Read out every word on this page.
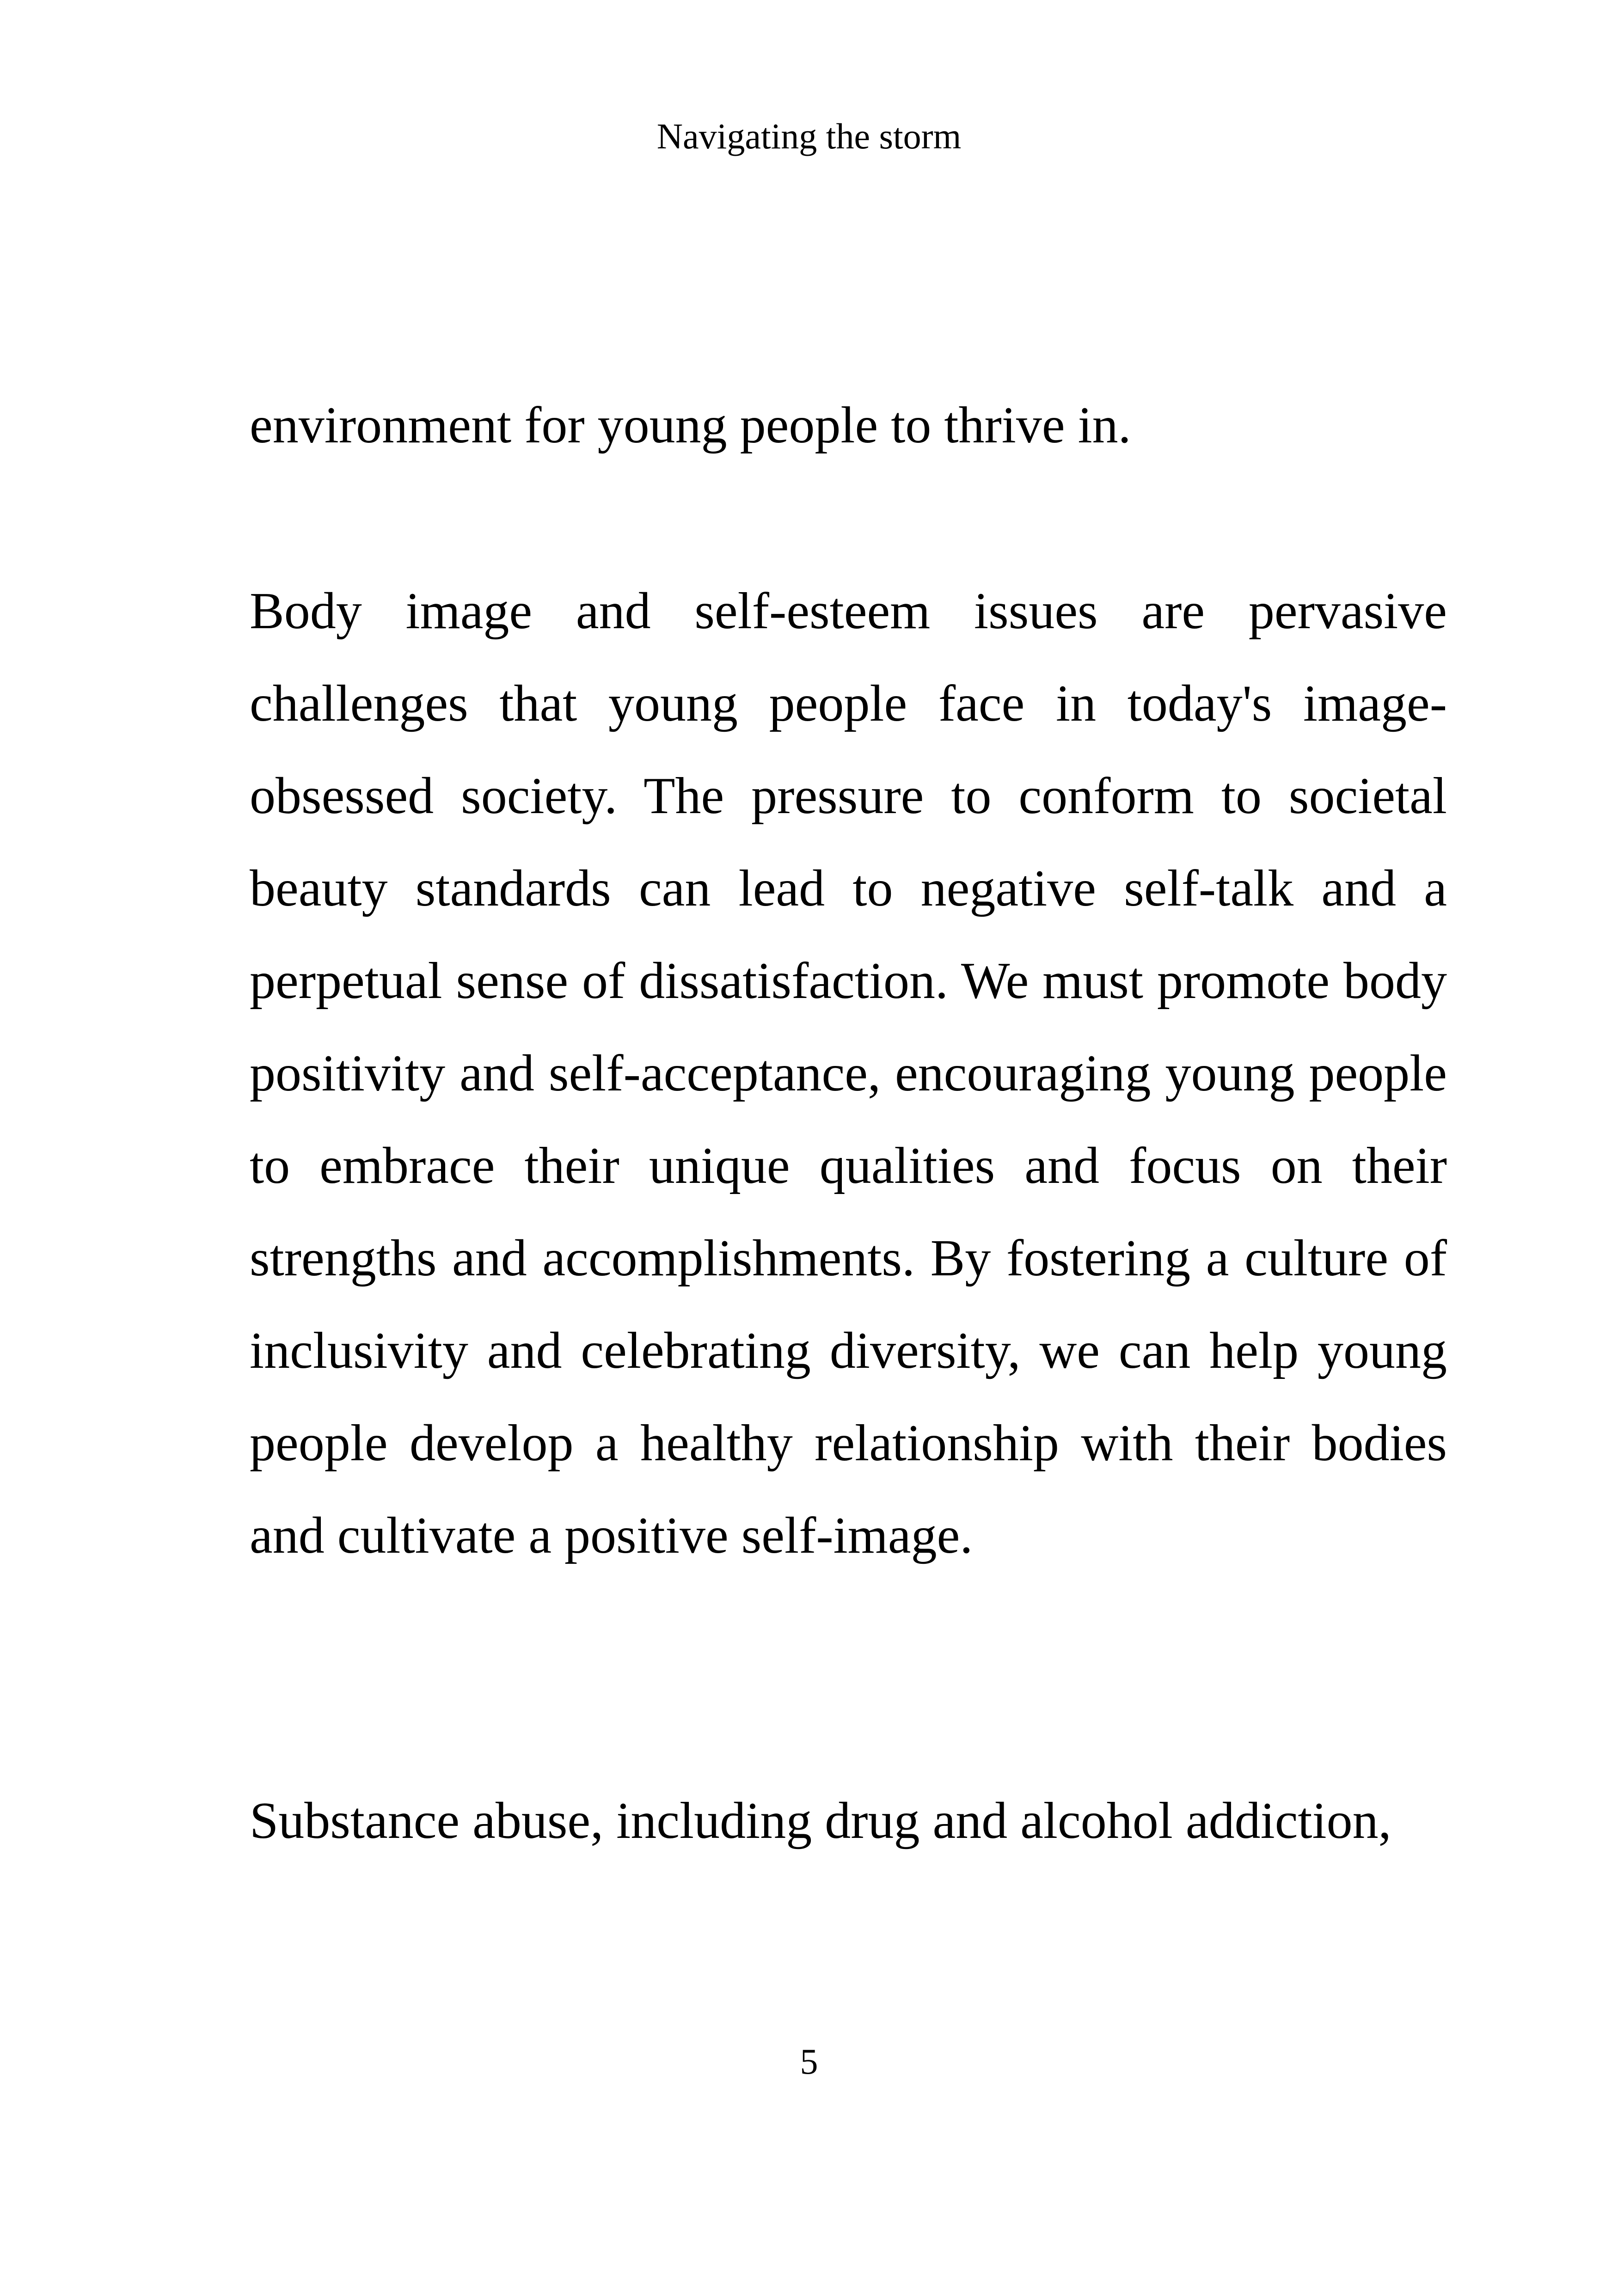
Navigating the storm

environment for young people to thrive in.

Body image and self-esteem issues are pervasive challenges that young people face in today's image-obsessed society. The pressure to conform to societal beauty standards can lead to negative self-talk and a perpetual sense of dissatisfaction. We must promote body positivity and self-acceptance, encouraging young people to embrace their unique qualities and focus on their strengths and accomplishments. By fostering a culture of inclusivity and celebrating diversity, we can help young people develop a healthy relationship with their bodies and cultivate a positive self-image.

Substance abuse, including drug and alcohol addiction,

5
